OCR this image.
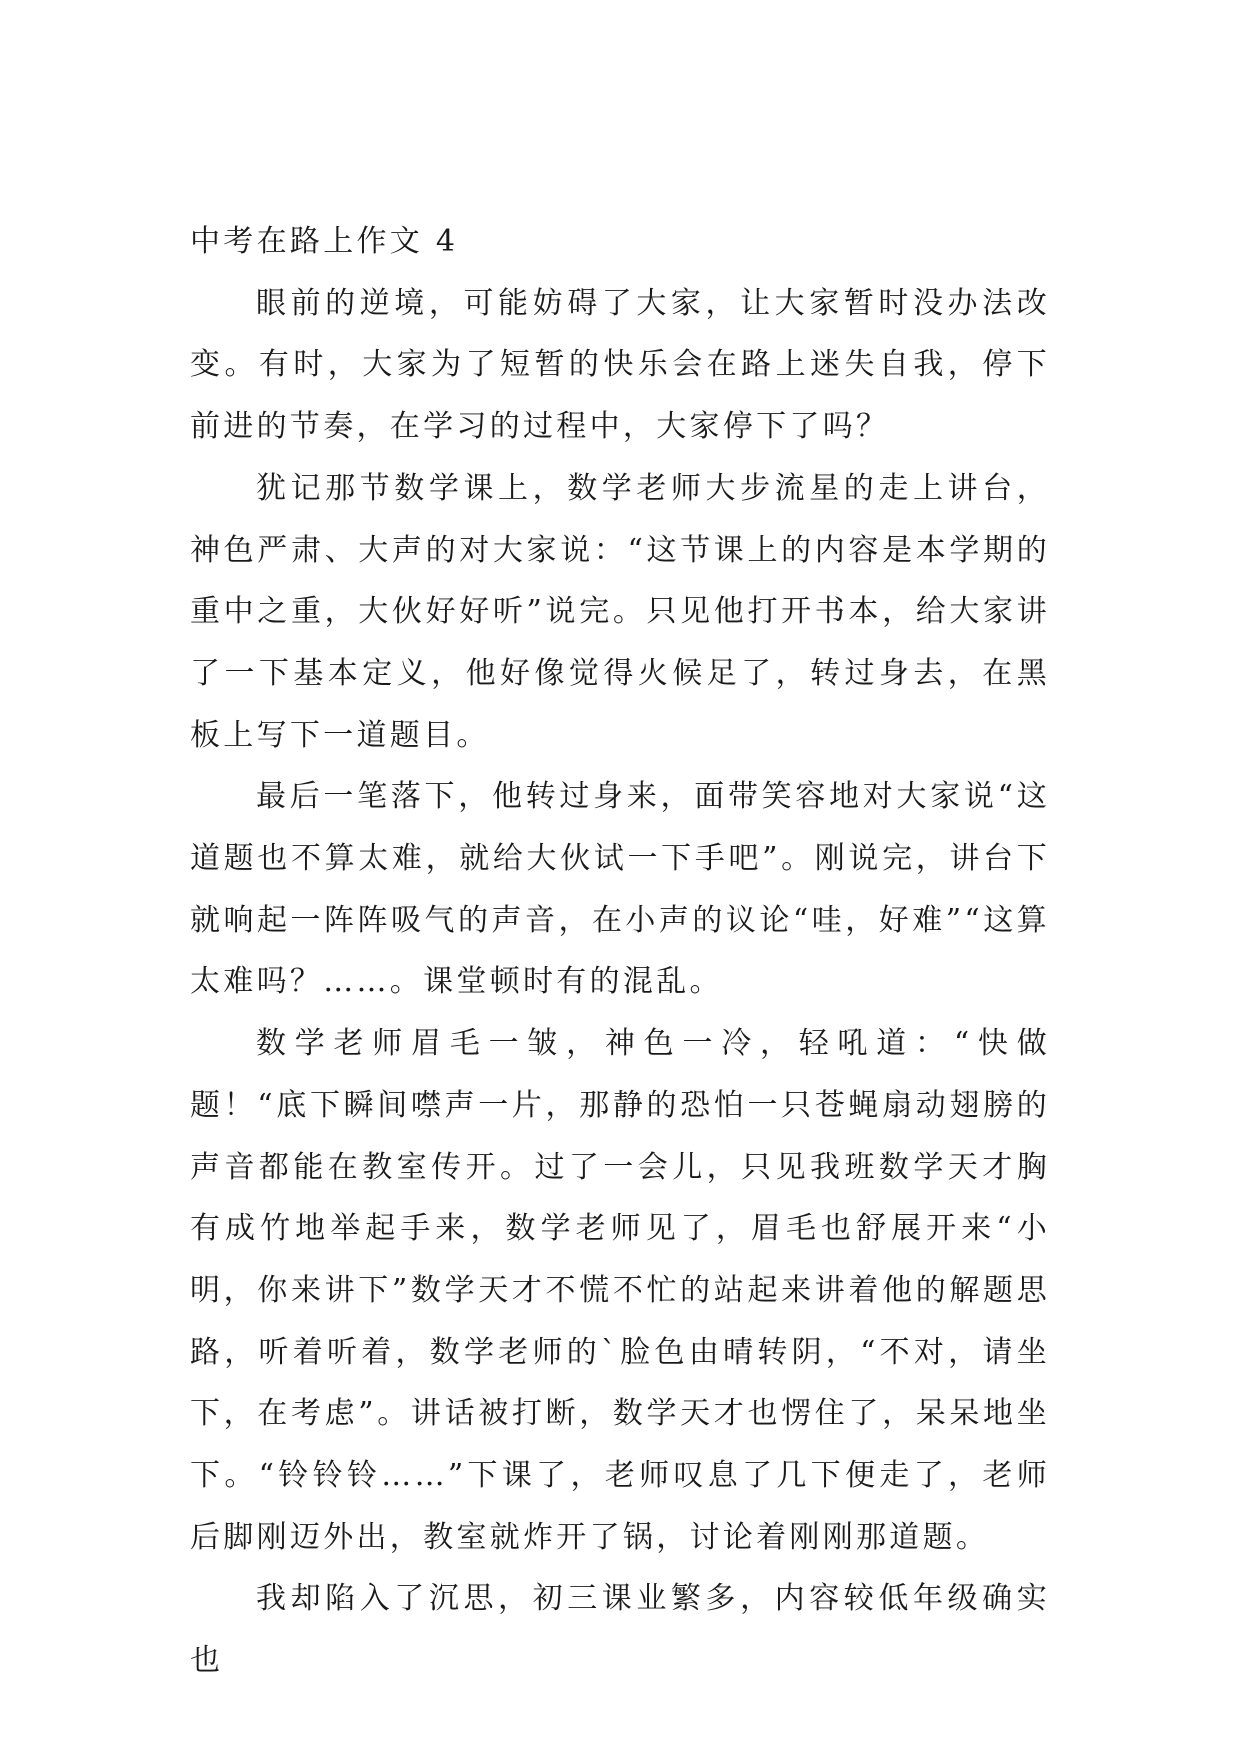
中考在路上作文 4

眼前的逆境，可能妨碍了大家，让大家暂时没办法改变。有时，大家为了短暂的快乐会在路上迷失自我，停下前进的节奏，在学习的过程中，大家停下了吗？

犹记那节数学课上，数学老师大步流星的走上讲台，神色严肃、大声的对大家说：“这节课上的内容是本学期的重中之重，大伙好好听”说完。只见他打开书本，给大家讲了一下基本定义，他好像觉得火候足了，转过身去，在黑板上写下一道题目。

最后一笔落下，他转过身来，面带笑容地对大家说“这道题也不算太难，就给大伙试一下手吧”。刚说完，讲台下就响起一阵阵吸气的声音，在小声的议论“哇，好难”“这算太难吗？……。课堂顿时有的混乱。

数学老师眉毛一皱，神色一冷，轻吼道：“快做题！“底下瞬间噤声一片，那静的恐怕一只苍蝇扇动翅膀的声音都能在教室传开。过了一会儿，只见我班数学天才胸有成竹地举起手来，数学老师见了，眉毛也舒展开来“小明，你来讲下”数学天才不慌不忙的站起来讲着他的解题思路，听着听着，数学老师的`脸色由晴转阴，“不对，请坐下，在考虑”。讲话被打断，数学天才也愣住了，呆呆地坐下。“铃铃铃……”下课了，老师叹息了几下便走了，老师后脚刚迈外出，教室就炸开了锅，讨论着刚刚那道题。

我却陷入了沉思，初三课业繁多，内容较低年级确实也
